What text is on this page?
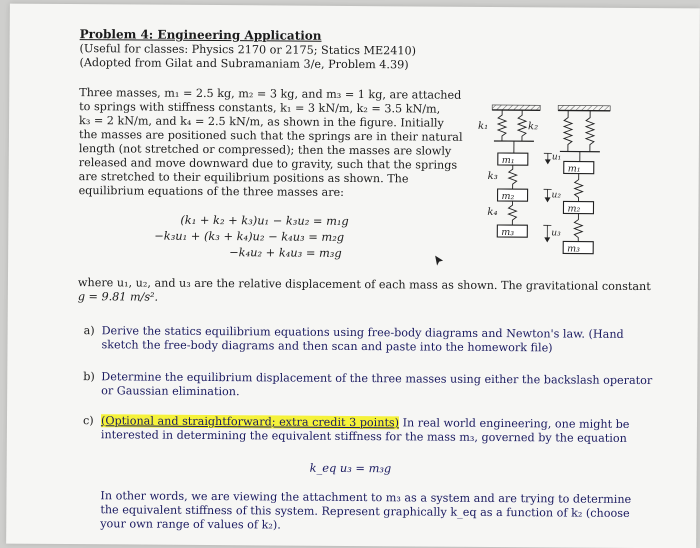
Problem 4: Engineering Application
(Useful for classes: Physics 2170 or 2175; Statics ME2410)
(Adopted from Gilat and Subramaniam 3/e, Problem 4.39)
Three masses, m₁ = 2.5 kg, m₂ = 3 kg, and m₃ = 1 kg, are attached
to springs with stiffness constants, k₁ = 3 kN/m, k₂ = 3.5 kN/m,
k₃ = 2 kN/m, and k₄ = 2.5 kN/m, as shown in the figure. Initially
the masses are positioned such that the springs are in their natural
length (not stretched or compressed); then the masses are slowly
released and move downward due to gravity, such that the springs
are stretched to their equilibrium positions as shown. The
equilibrium equations of the three masses are:
(k₁ + k₂ + k₃)u₁ − k₃u₂ = m₁g
−k₃u₁ + (k₃ + k₄)u₂ − k₄u₃ = m₂g
−k₄u₂ + k₄u₃ = m₃g
k₁	k₂
k₃
k₄
m₁
m₂
m₃
m₁
m₂
m₃
u₁
u₂
u₃
where u₁, u₂, and u₃ are the relative displacement of each mass as shown. The gravitational constant
g = 9.81 m/s².
a) Derive the statics equilibrium equations using free-body diagrams and Newton's law. (Hand
sketch the free-body diagrams and then scan and paste into the homework file)
b) Determine the equilibrium displacement of the three masses using either the backslash operator
or Gaussian elimination.
c) (Optional and straightforward; extra credit 3 points) In real world engineering, one might be
interested in determining the equivalent stiffness for the mass m₃, governed by the equation
k_eq u₃ = m₃g
In other words, we are viewing the attachment to m₃ as a system and are trying to determine
the equivalent stiffness of this system. Represent graphically k_eq as a function of k₂ (choose
your own range of values of k₂).
